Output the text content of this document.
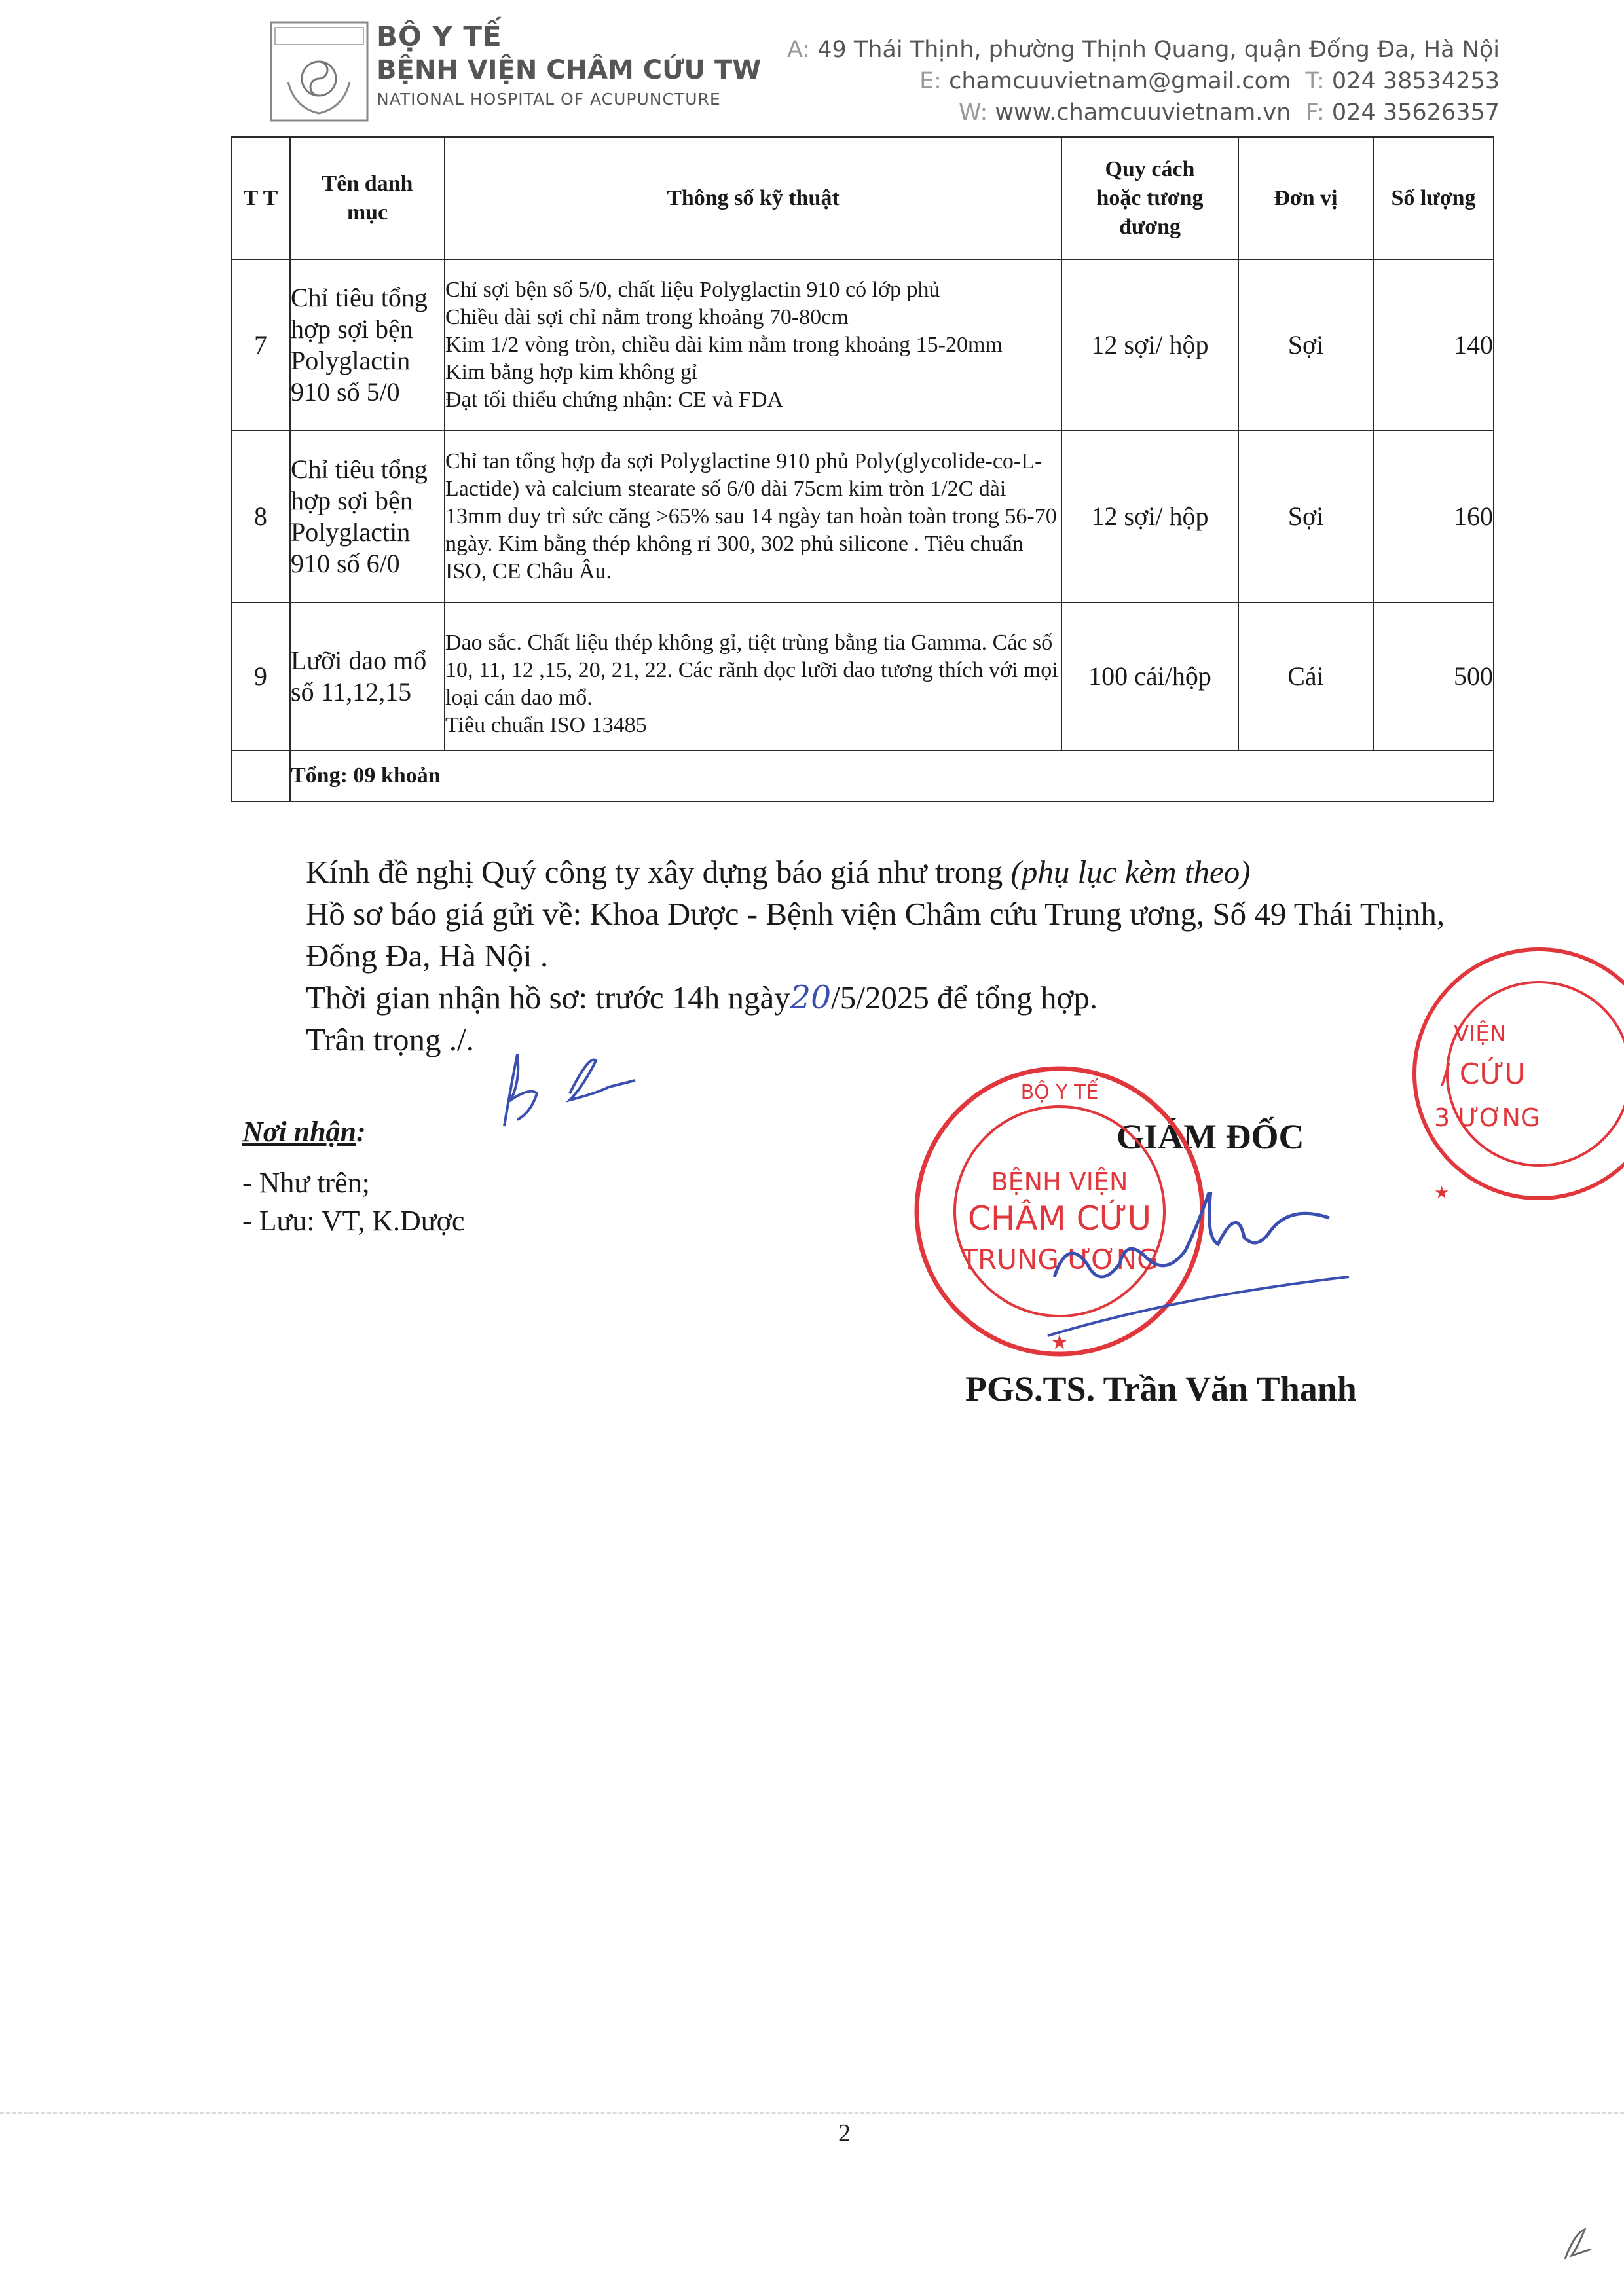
BỘ Y TẾ
BỆNH VIỆN CHÂM CỨU TW
NATIONAL HOSPITAL OF ACUPUNCTURE
A: 49 Thái Thịnh, phường Thịnh Quang, quận Đống Đa, Hà Nội
E: chamcuuvietnam@gmail.com T: 024 38534253
W: www.chamcuuvietnam.vn F: 024 35626357
T T	Tên danh mục	Thông số kỹ thuật	Quy cách hoặc tương đương	Đơn vị	Số lượng
7	Chỉ tiêu tổng hợp sợi bện Polyglactin 910 số 5/0	Chỉ sợi bện số 5/0, chất liệu Polyglactin 910 có lớp phủ
Chiều dài sợi chỉ nằm trong khoảng 70-80cm
Kim 1/2 vòng tròn, chiều dài kim nằm trong khoảng 15-20mm
Kim bằng hợp kim không gỉ
Đạt tối thiểu chứng nhận: CE và FDA	12 sợi/ hộp	Sợi	140
8	Chỉ tiêu tổng hợp sợi bện Polyglactin 910 số 6/0	Chỉ tan tổng hợp đa sợi Polyglactine 910 phủ Poly(glycolide-co-L-Lactide) và calcium stearate số 6/0 dài 75cm kim tròn 1/2C dài 13mm duy trì sức căng >65% sau 14 ngày tan hoàn toàn trong 56-70 ngày. Kim bằng thép không rỉ 300, 302 phủ silicone . Tiêu chuẩn ISO, CE Châu Âu.	12 sợi/ hộp	Sợi	160
9	Lưỡi dao mổ số 11,12,15	Dao sắc. Chất liệu thép không gỉ, tiệt trùng bằng tia Gamma. Các số 10, 11, 12 ,15, 20, 21, 22. Các rãnh dọc lưỡi dao tương thích với mọi loại cán dao mổ.
Tiêu chuẩn ISO 13485	100 cái/hộp	Cái	500
	Tổng: 09 khoản				

Kính đề nghị Quý công ty xây dựng báo giá như trong (phụ lục kèm theo)

Hồ sơ báo giá gửi về: Khoa Dược - Bệnh viện Châm cứu Trung ương, Số 49 Thái Thịnh, Đống Đa, Hà Nội .

Thời gian nhận hồ sơ: trước 14h ngày20/5/2025 để tổng hợp.

Trân trọng ./.

Nơi nhận:
- Như trên;
- Lưu: VT, K.Dược
GIÁM ĐỐC
PGS.TS. Trần Văn Thanh
BỘ Y TẾ
BỆNH VIỆN
CHÂM CỨU
TRUNG ƯƠNG
★
VIỆN
/ CỨU
3 ƯƠNG
★
2
